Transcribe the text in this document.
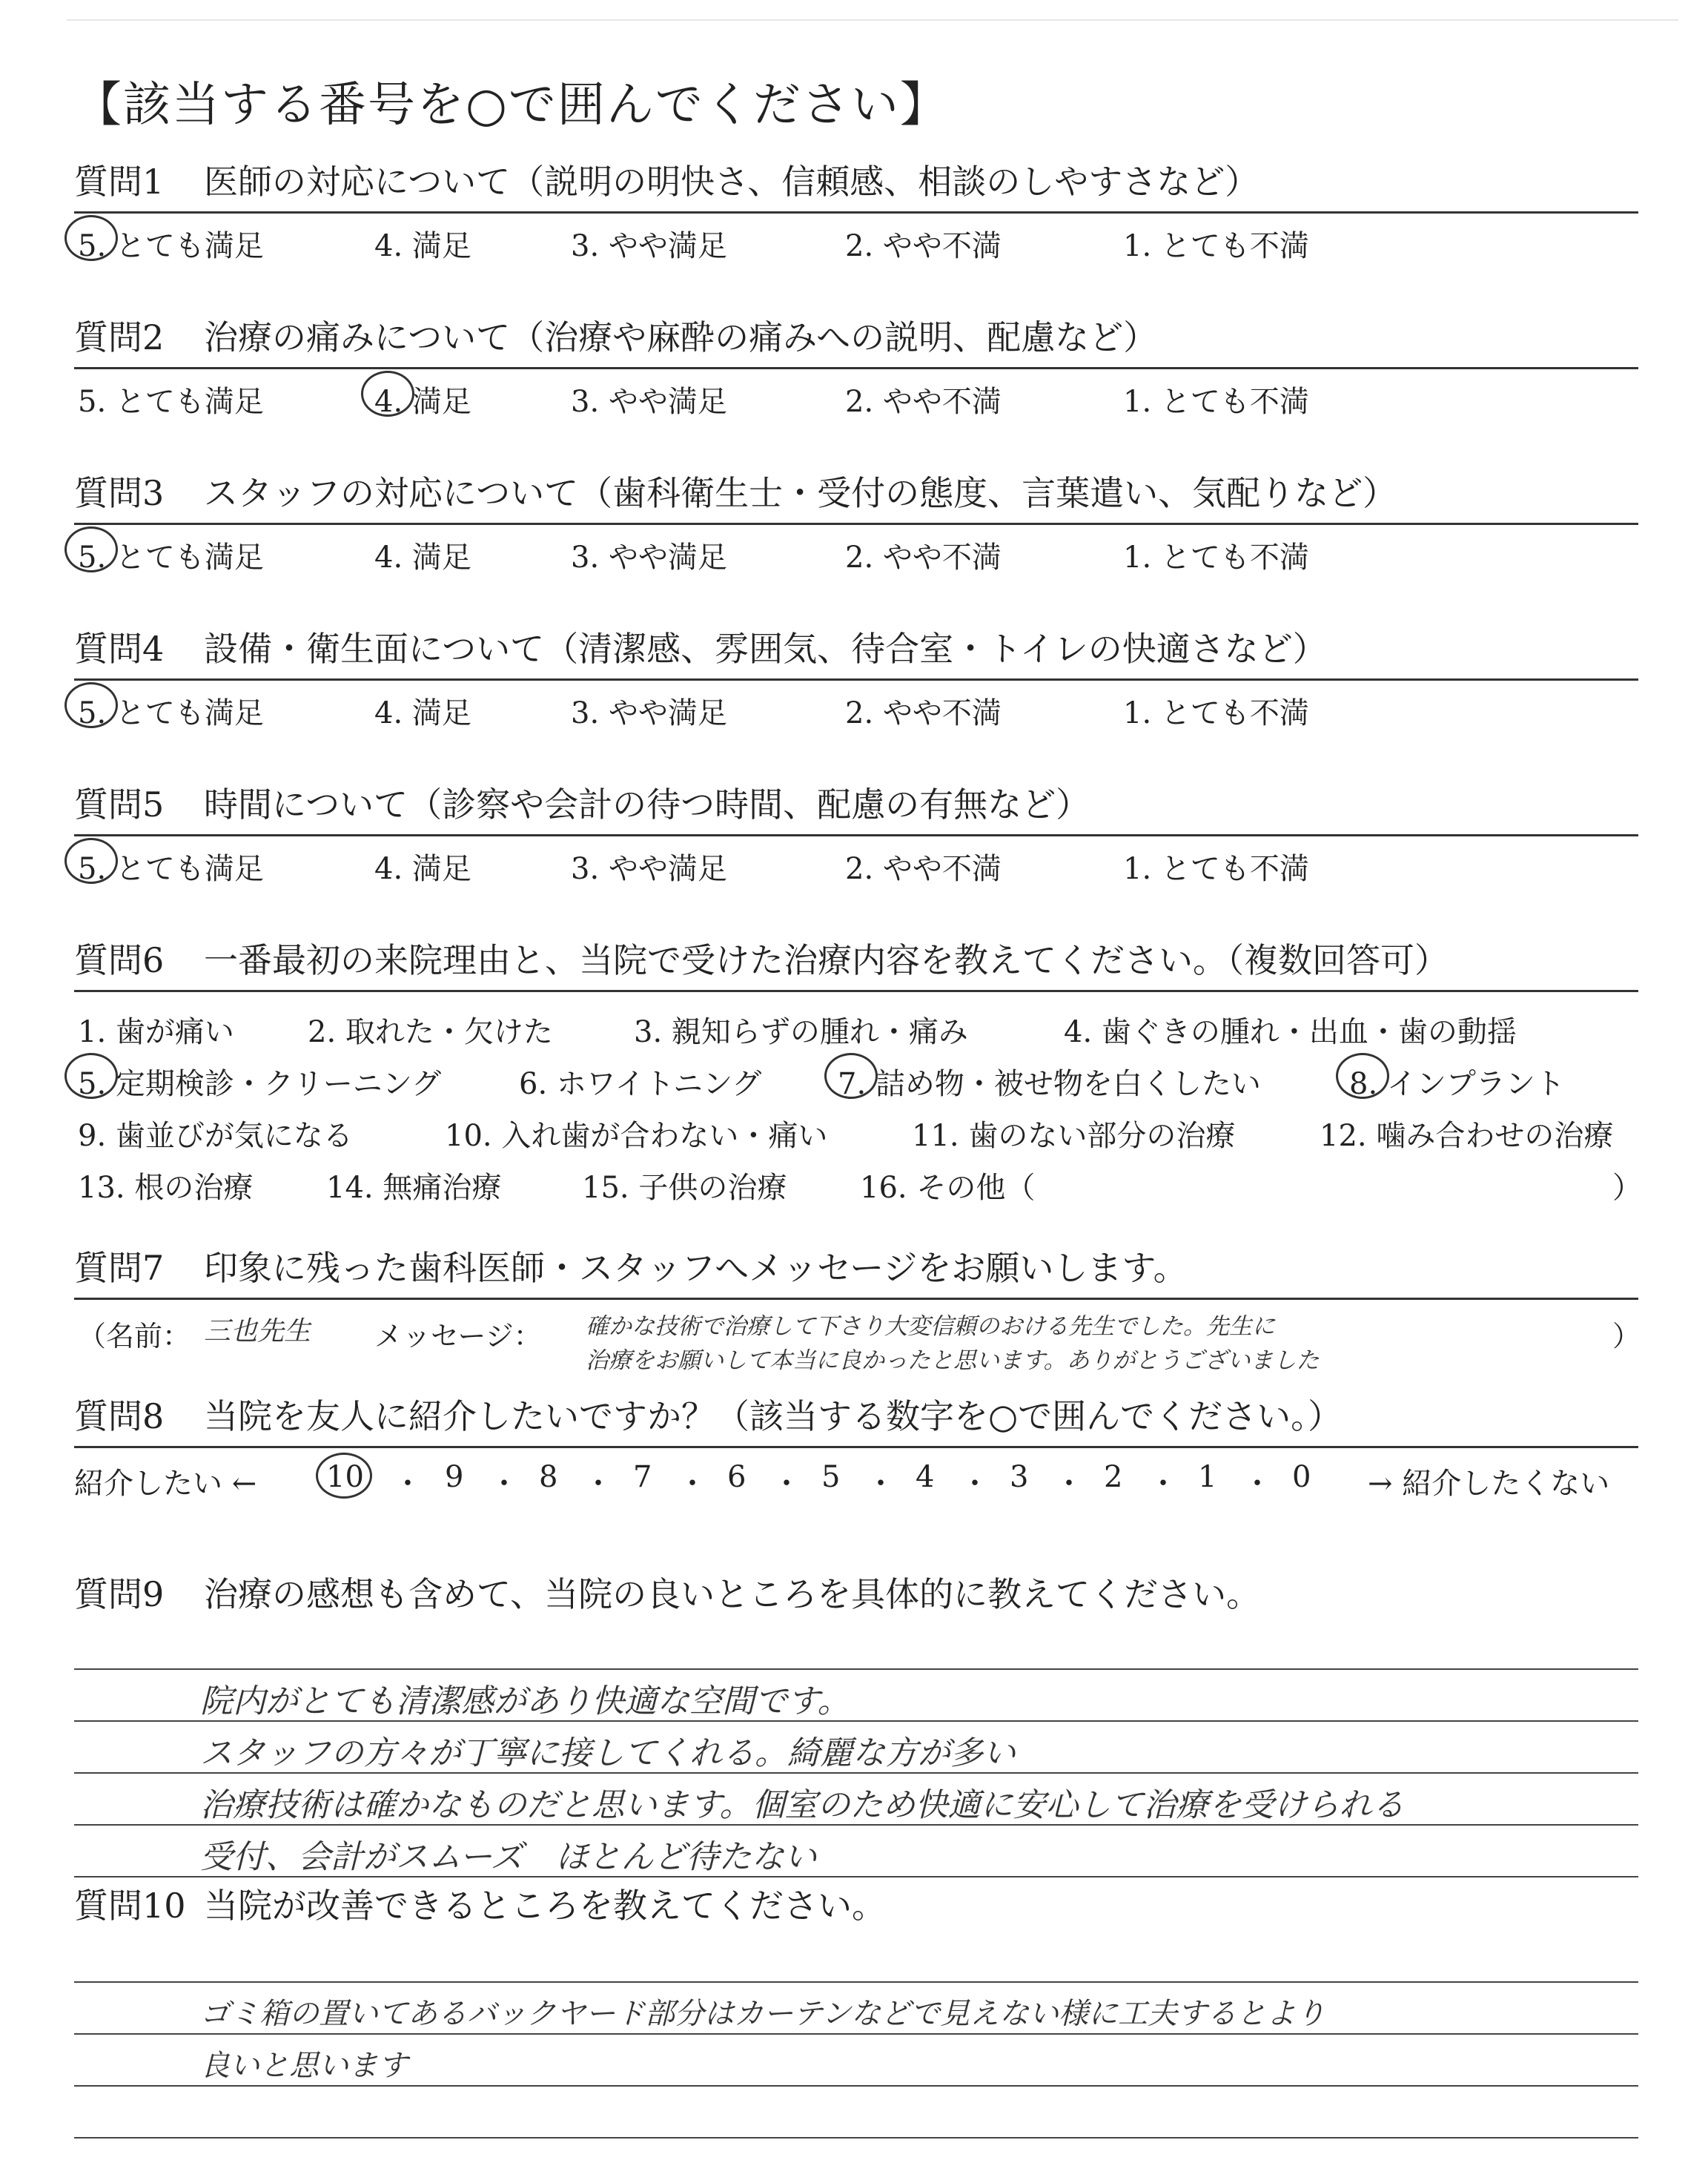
【該当する番号を○で囲んでください】
質問1 医師の対応について（説明の明快さ、信頼感、相談のしやすさなど）
5. とても満足	4. 満足	3. やや満足	2. やや不満	1. とても不満
質問2 治療の痛みについて（治療や麻酔の痛みへの説明、配慮など）
5. とても満足	4. 満足	3. やや満足	2. やや不満	1. とても不満
質問3 スタッフの対応について（歯科衛生士・受付の態度、言葉遣い、気配りなど）
5. とても満足	4. 満足	3. やや満足	2. やや不満	1. とても不満
質問4 設備・衛生面について（清潔感、雰囲気、待合室・トイレの快適さなど）
5. とても満足	4. 満足	3. やや満足	2. やや不満	1. とても不満
質問5 時間について（診察や会計の待つ時間、配慮の有無など）
5. とても満足	4. 満足	3. やや満足	2. やや不満	1. とても不満
質問6 一番最初の来院理由と、当院で受けた治療内容を教えてください。（複数回答可）
1. 歯が痛い 2. 取れた・欠けた	3. 親知らずの腫れ・痛み	4. 歯ぐきの腫れ・出血・歯の動揺
5. 定期検診・クリーニング	6. ホワイトニング	7. 詰め物・被せ物を白くしたい	8. インプラント
9. 歯並びが気になる	10. 入れ歯が合わない・痛い	11. 歯のない部分の治療	12. 噛み合わせの治療
13. 根の治療 14. 無痛治療	15. 子供の治療 16. その他（	）
質問7 印象に残った歯科医師・スタッフへメッセージをお願いします。
（名前： 三也先生 メッセージ： 確かな技術で治療して下さり大変信頼のおける先生でした。先生に
治療をお願いして本当に良かったと思います。ありがとうございました
）
質問8 当院を友人に紹介したいですか？（該当する数字を○で囲んでください。）
紹介したい ← 10 ・ 9 ・ 8 ・ 7 ・ 6 ・ 5 ・ 4 ・ 3 ・ 2 ・ 1 ・ 0 → 紹介したくない
質問9 治療の感想も含めて、当院の良いところを具体的に教えてください。
院内がとても清潔感があり快適な空間です。
スタッフの方々が丁寧に接してくれる。綺麗な方が多い
治療技術は確かなものだと思います。個室のため快適に安心して治療を受けられる
受付、会計がスムーズ　ほとんど待たない
質問10 当院が改善できるところを教えてください。
ゴミ箱の置いてあるバックヤード部分はカーテンなどで見えない様に工夫するとより
良いと思います
